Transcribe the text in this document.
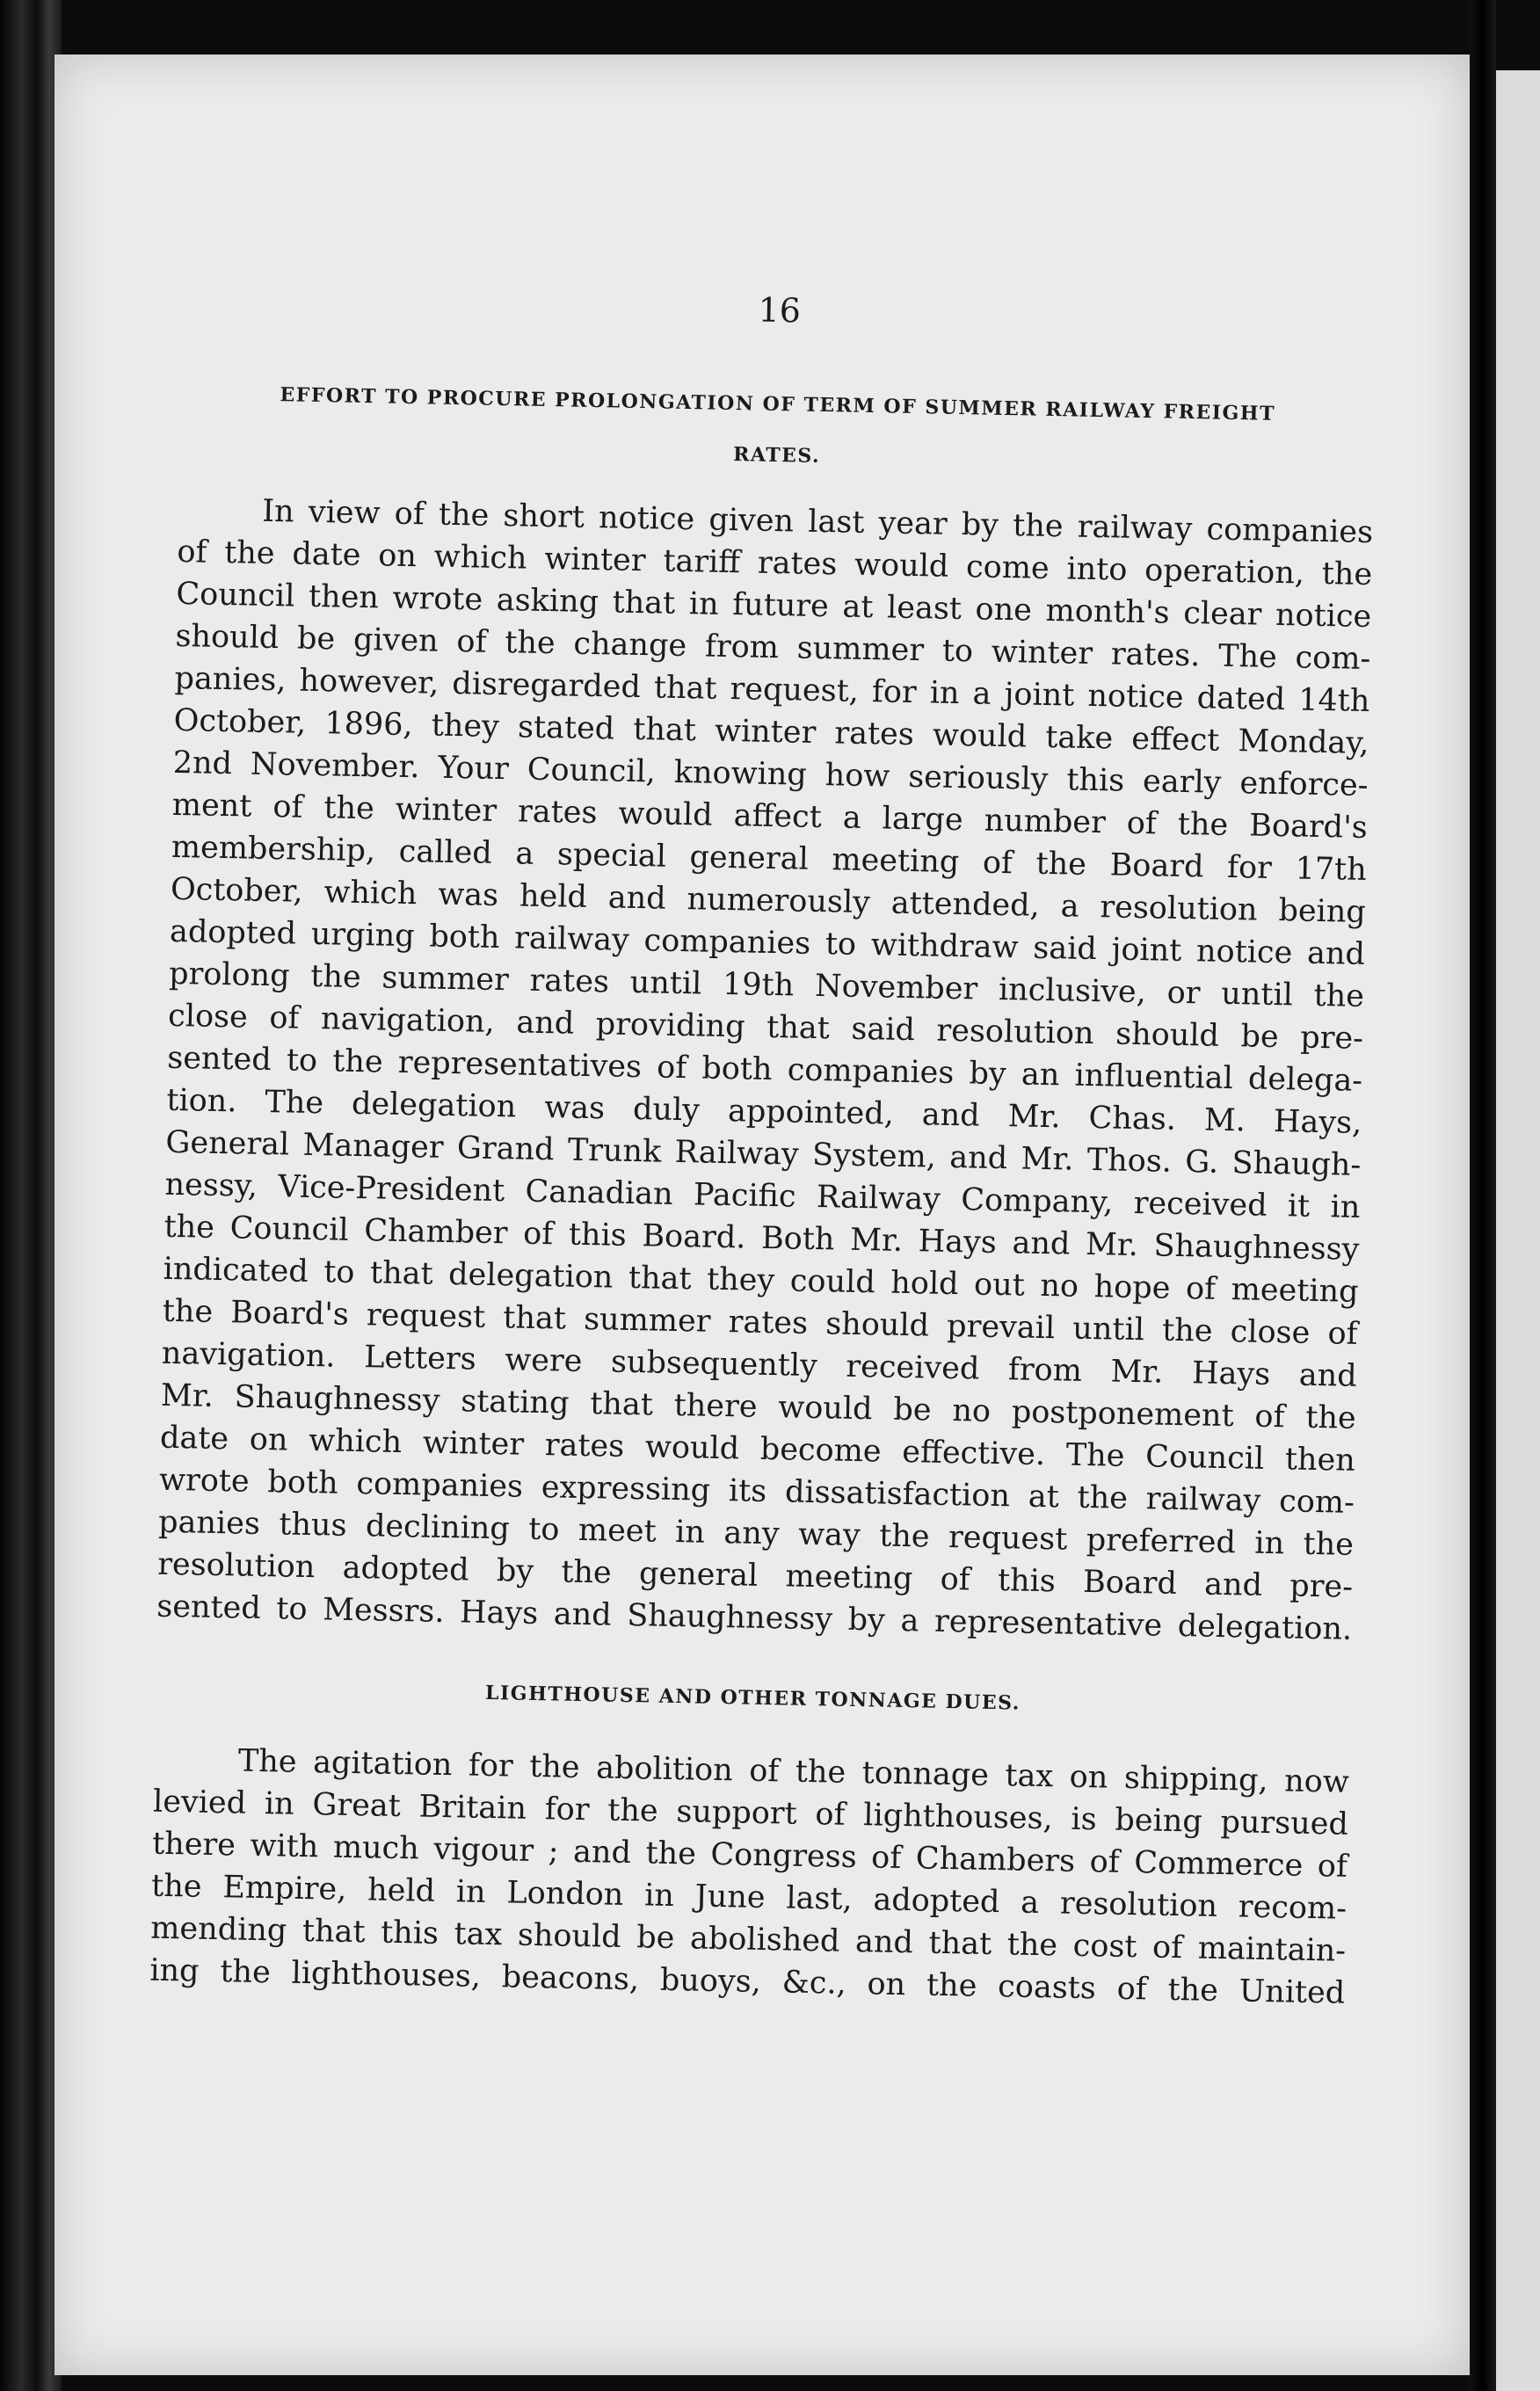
16
EFFORT TO PROCURE PROLONGATION OF TERM OF SUMMER RAILWAY FREIGHT
RATES.
In view of the short notice given last year by the railway companies
of the date on which winter tariff rates would come into operation, the
Council then wrote asking that in future at least one month's clear notice
should be given of the change from summer to winter rates. The com-
panies, however, disregarded that request, for in a joint notice dated 14th
October, 1896, they stated that winter rates would take effect Monday,
2nd November. Your Council, knowing how seriously this early enforce-
ment of the winter rates would affect a large number of the Board's
membership, called a special general meeting of the Board for 17th
October, which was held and numerously attended, a resolution being
adopted urging both railway companies to withdraw said joint notice and
prolong the summer rates until 19th November inclusive, or until the
close of navigation, and providing that said resolution should be pre-
sented to the representatives of both companies by an influential delega-
tion. The delegation was duly appointed, and Mr. Chas. M. Hays,
General Manager Grand Trunk Railway System, and Mr. Thos. G. Shaugh-
nessy, Vice-President Canadian Pacific Railway Company, received it in
the Council Chamber of this Board. Both Mr. Hays and Mr. Shaughnessy
indicated to that delegation that they could hold out no hope of meeting
the Board's request that summer rates should prevail until the close of
navigation. Letters were subsequently received from Mr. Hays and
Mr. Shaughnessy stating that there would be no postponement of the
date on which winter rates would become effective. The Council then
wrote both companies expressing its dissatisfaction at the railway com-
panies thus declining to meet in any way the request preferred in the
resolution adopted by the general meeting of this Board and pre-
sented to Messrs. Hays and Shaughnessy by a representative delegation.
LIGHTHOUSE AND OTHER TONNAGE DUES.
The agitation for the abolition of the tonnage tax on shipping, now
levied in Great Britain for the support of lighthouses, is being pursued
there with much vigour ; and the Congress of Chambers of Commerce of
the Empire, held in London in June last, adopted a resolution recom-
mending that this tax should be abolished and that the cost of maintain-
ing the lighthouses, beacons, buoys, &c., on the coasts of the United
